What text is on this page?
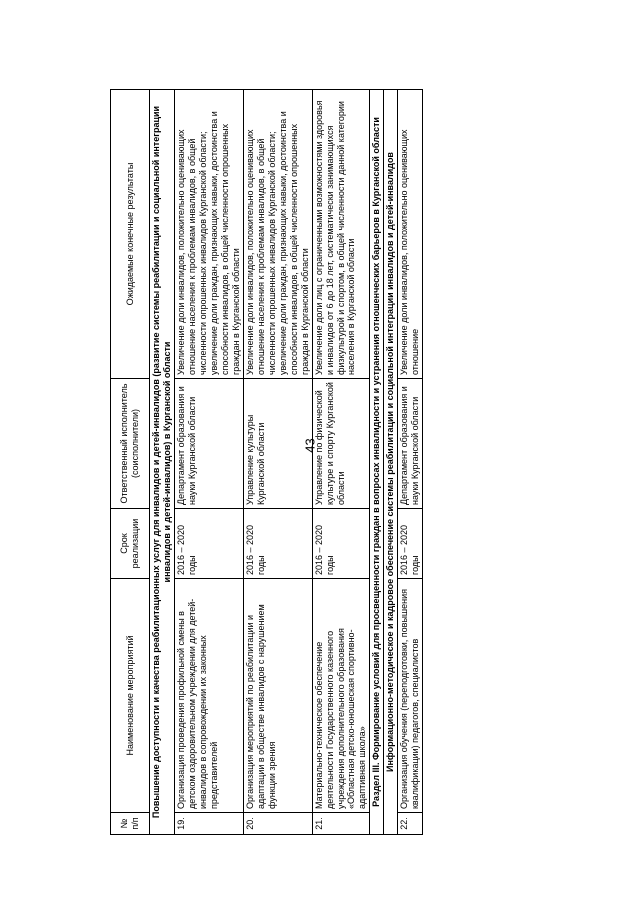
43
№ п/п	Наименование мероприятий	Срок реализации	Ответственный исполнитель (соисполнители)	Ожидаемые конечные результаты
Повышение доступности и качества реабилитационных услуг для инвалидов и детей-инвалидов (развитие системы реабилитации и социальной интеграции инвалидов и детей-инвалидов) в Курганской области				
19.	Организация проведения профильной смены в детском оздоровительном учреждении для детей-инвалидов в сопровождении их законных представителей	2016 – 2020 годы	Департамент образования и науки Курганской области	Увеличение доли инвалидов, положительно оценивающих отношение населения к проблемам инвалидов, в общей численности опрошенных инвалидов Курганской области; увеличение доли граждан, признающих навыки, достоинства и способности инвалидов, в общей численности опрошенных граждан в Курганской области
20.	Организация мероприятий по реабилитации и адаптации в обществе инвалидов с нарушением функции зрения	2016 – 2020 годы	Управление культуры Курганской области	Увеличение доли инвалидов, положительно оценивающих отношение населения к проблемам инвалидов, в общей численности опрошенных инвалидов Курганской области; увеличение доли граждан, признающих навыки, достоинства и способности инвалидов, в общей численности опрошенных граждан в Курганской области
21.	Материально-техническое обеспечение деятельности Государственного казенного учреждения дополнительного образования «Областная детско-юношеская спортивно-адаптивная школа»	2016 – 2020 годы	Управление по физической культуре и спорту Курганской области	Увеличение доли лиц с ограниченными возможностями здоровья и инвалидов от 6 до 18 лет, систематически занимающихся физкультурой и спортом, в общей численности данной категории населения в Курганской области
Раздел III. Формирование условий для просвещенности граждан в вопросах инвалидности и устранения отношенческих барьеров в Курганской области				
Информационно-методическое и кадровое обеспечение системы реабилитации и социальной интеграции инвалидов и детей-инвалидов				
22.	Организация обучения (переподготовки, повышения квалификации) педагогов, специалистов	2016 – 2020 годы	Департамент образования и науки Курганской области	Увеличение доли инвалидов, положительно оценивающих отношение
